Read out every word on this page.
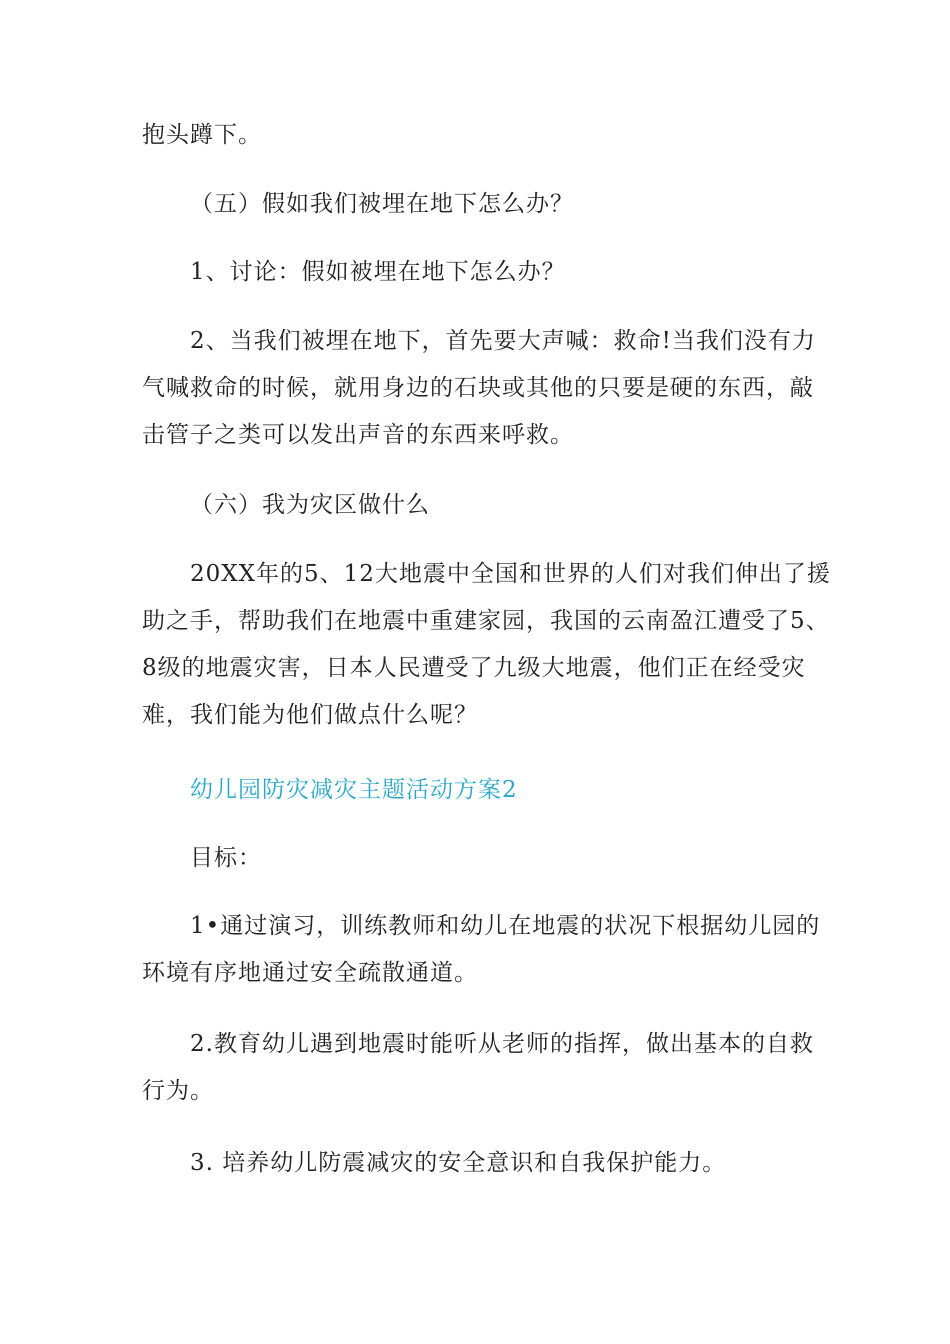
抱头蹲下。

（五）假如我们被埋在地下怎么办？

1、讨论：假如被埋在地下怎么办？

2、当我们被埋在地下，首先要大声喊：救命!当我们没有力
气喊救命的时候，就用身边的石块或其他的只要是硬的东西，敲
击管子之类可以发出声音的东西来呼救。

（六）我为灾区做什么

20XX年的5、12大地震中全国和世界的人们对我们伸出了援
助之手，帮助我们在地震中重建家园，我国的云南盈江遭受了5、
8级的地震灾害，日本人民遭受了九级大地震，他们正在经受灾
难，我们能为他们做点什么呢？

幼儿园防灾减灾主题活动方案2

目标：

1•通过演习，训练教师和幼儿在地震的状况下根据幼儿园的
环境有序地通过安全疏散通道。

2.教育幼儿遇到地震时能听从老师的指挥，做出基本的自救
行为。

3. 培养幼儿防震减灾的安全意识和自我保护能力。
